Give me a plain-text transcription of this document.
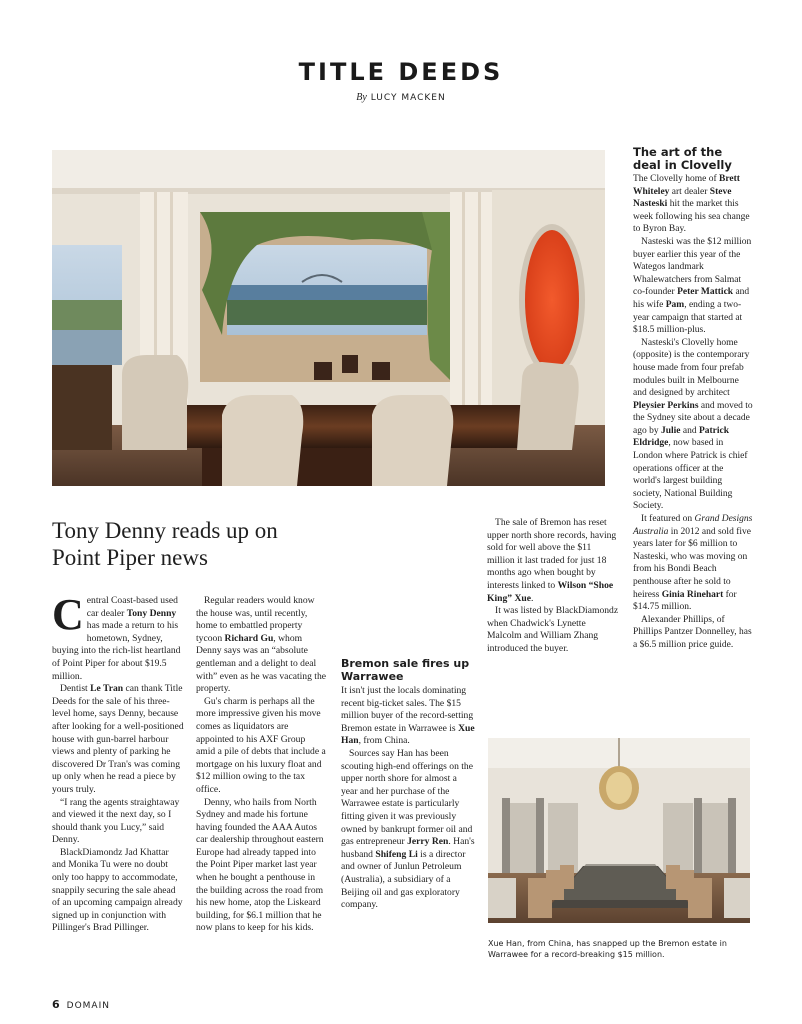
TITLE DEEDS
By LUCY MACKEN
Tony Denny reads up on Point Piper news

Central Coast-based used car dealer Tony Denny has made a return to his hometown, Sydney, buying into the rich-list heartland of Point Piper for about $19.5 million.

Dentist Le Tran can thank Title Deeds for the sale of his three-level home, says Denny, because after looking for a well-positioned house with gun-barrel harbour views and plenty of parking he discovered Dr Tran's was coming up only when he read a piece by yours truly.

“I rang the agents straightaway and viewed it the next day, so I should thank you Lucy,” said Denny.

BlackDiamondz Jad Khattar and Monika Tu were no doubt only too happy to accommodate, snappily securing the sale ahead of an upcoming campaign already signed up in conjunction with Pillinger's Brad Pillinger.

Regular readers would know the house was, until recently, home to embattled property tycoon Richard Gu, whom Denny says was an “absolute gentleman and a delight to deal with” even as he was vacating the property.

Gu's charm is perhaps all the more impressive given his move comes as liquidators are appointed to his AXF Group amid a pile of debts that include a mortgage on his luxury float and $12 million owing to the tax office.

Denny, who hails from North Sydney and made his fortune having founded the AAA Autos car dealership throughout eastern Europe had already tapped into the Point Piper market last year when he bought a penthouse in the building across the road from his new home, atop the Liskeard building, for $6.1 million that he now plans to keep for his kids.

Bremon sale fires up Warrawee

It isn't just the locals dominating recent big-ticket sales. The $15 million buyer of the record-setting Bremon estate in Warrawee is Xue Han, from China.

Sources say Han has been scouting high-end offerings on the upper north shore for almost a year and her purchase of the Warrawee estate is particularly fitting given it was previously owned by bankrupt former oil and gas entrepreneur Jerry Ren. Han's husband Shifeng Li is a director and owner of Junlun Petroleum (Australia), a subsidiary of a Beijing oil and gas exploratory company.

The sale of Bremon has reset upper north shore records, having sold for well above the $11 million it last traded for just 18 months ago when bought by interests linked to Wilson “Shoe King” Xue.

It was listed by BlackDiamondz when Chadwick's Lynette Malcolm and William Zhang introduced the buyer.

The art of the deal in Clovelly

The Clovelly home of Brett Whiteley art dealer Steve Nasteski hit the market this week following his sea change to Byron Bay.

Nasteski was the $12 million buyer earlier this year of the Wategos landmark Whalewatchers from Salmat co-founder Peter Mattick and his wife Pam, ending a two-year campaign that started at $18.5 million-plus.

Nasteski's Clovelly home (opposite) is the contemporary house made from four prefab modules built in Melbourne and designed by architect Pleysier Perkins and moved to the Sydney site about a decade ago by Julie and Patrick Eldridge, now based in London where Patrick is chief operations officer at the world's largest building society, National Building Society.

It featured on Grand Designs Australia in 2012 and sold five years later for $6 million to Nasteski, who was moving on from his Bondi Beach penthouse after he sold to heiress Ginia Rinehart for $14.75 million.

Alexander Phillips, of Phillips Pantzer Donnelley, has a $6.5 million price guide.

Xue Han, from China, has snapped up the Bremon estate in Warrawee for a record-breaking $15 million.
6 DOMAIN
